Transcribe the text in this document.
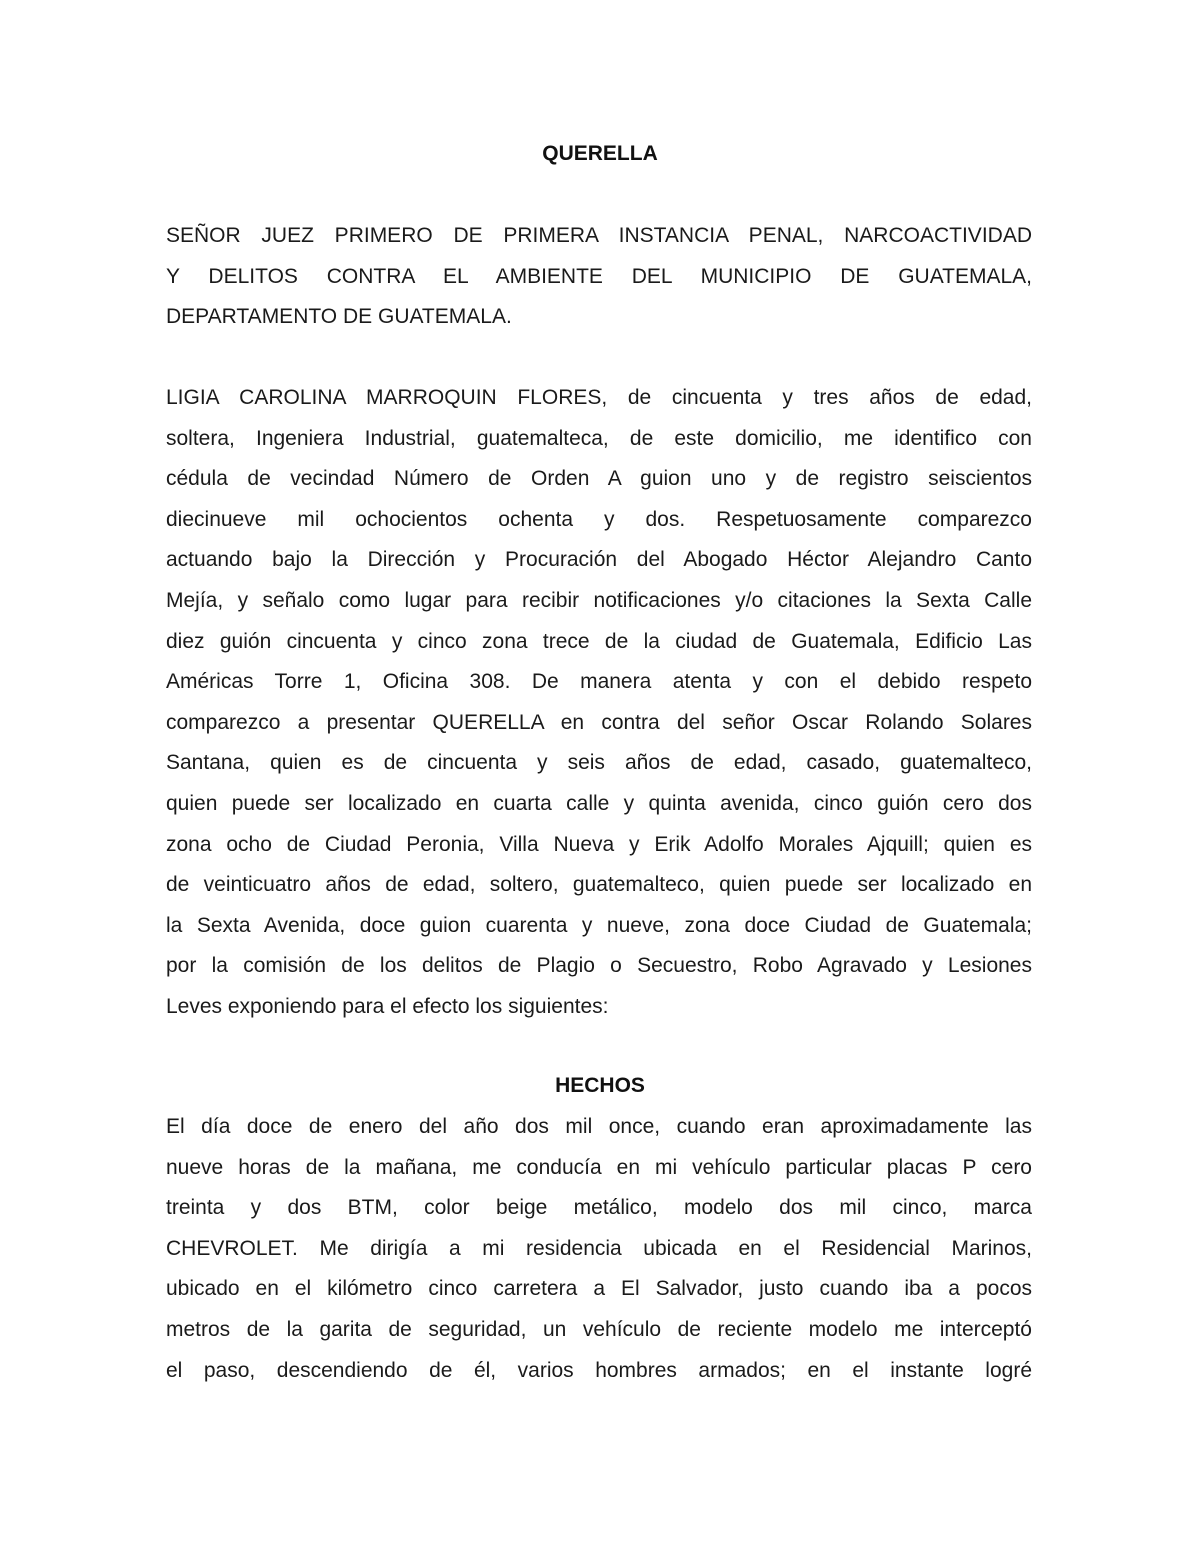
QUERELLA
SEÑOR JUEZ PRIMERO DE PRIMERA INSTANCIA PENAL, NARCOACTIVIDAD
Y DELITOS CONTRA EL AMBIENTE DEL MUNICIPIO DE GUATEMALA,
DEPARTAMENTO DE GUATEMALA.
LIGIA CAROLINA MARROQUIN FLORES, de cincuenta y tres años de edad,
soltera, Ingeniera Industrial, guatemalteca, de este domicilio, me identifico con
cédula de vecindad Número de Orden A guion uno y de registro seiscientos
diecinueve mil ochocientos ochenta y dos. Respetuosamente comparezco
actuando bajo la Dirección y Procuración del Abogado Héctor Alejandro Canto
Mejía, y señalo como lugar para recibir notificaciones y/o citaciones la Sexta Calle
diez guión cincuenta y cinco zona trece de la ciudad de Guatemala, Edificio Las
Américas Torre 1, Oficina 308. De manera atenta y con el debido respeto
comparezco a presentar QUERELLA en contra del señor Oscar Rolando Solares
Santana, quien es de cincuenta y seis años de edad, casado, guatemalteco,
quien puede ser localizado en cuarta calle y quinta avenida, cinco guión cero dos
zona ocho de Ciudad Peronia, Villa Nueva y Erik Adolfo Morales Ajquill; quien es
de veinticuatro años de edad, soltero, guatemalteco, quien puede ser localizado en
la Sexta Avenida, doce guion cuarenta y nueve, zona doce Ciudad de Guatemala;
por la comisión de los delitos de Plagio o Secuestro, Robo Agravado y Lesiones
Leves exponiendo para el efecto los siguientes:
HECHOS
El día doce de enero del año dos mil once, cuando eran aproximadamente las
nueve horas de la mañana, me conducía en mi vehículo particular placas P cero
treinta y dos BTM, color beige metálico, modelo dos mil cinco, marca
CHEVROLET. Me dirigía a mi residencia ubicada en el Residencial Marinos,
ubicado en el kilómetro cinco carretera a El Salvador, justo cuando iba a pocos
metros de la garita de seguridad, un vehículo de reciente modelo me interceptó
el paso, descendiendo de él, varios hombres armados; en el instante logré
